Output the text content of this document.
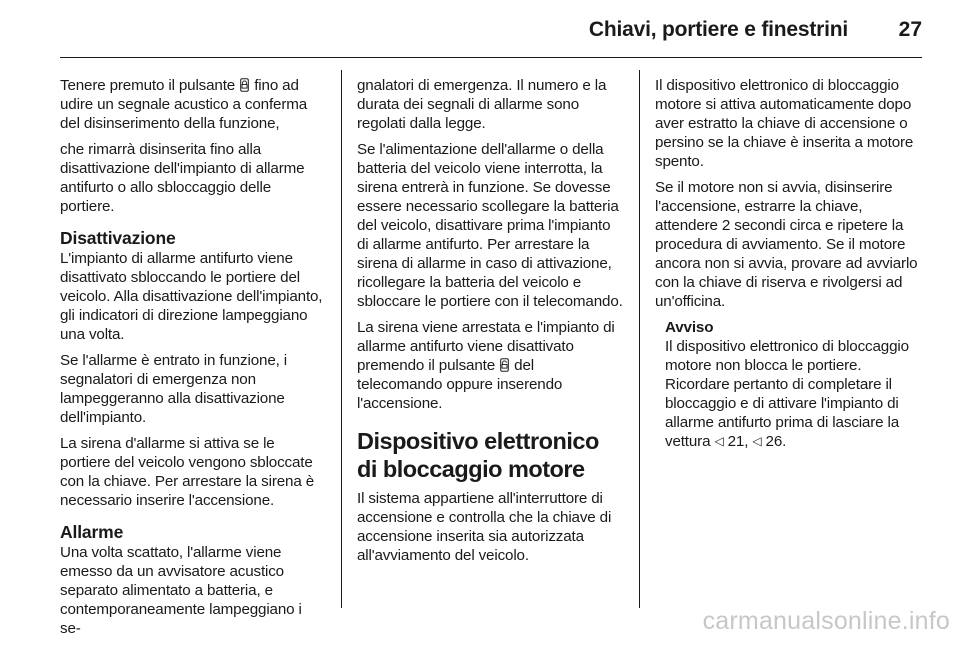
Chiavi, portiere e finestrini 27

Tenere premuto il pulsante  fino ad udire un segnale acustico a conferma del disinserimento della funzione,

che rimarrà disinserita fino alla disattivazione dell'impianto di allarme antifurto o allo sbloccaggio delle portiere.

Disattivazione

L'impianto di allarme antifurto viene disattivato sbloccando le portiere del veicolo. Alla disattivazione dell'impianto, gli indicatori di direzione lampeggiano una volta.

Se l'allarme è entrato in funzione, i segnalatori di emergenza non lampeggeranno alla disattivazione dell'impianto.

La sirena d'allarme si attiva se le portiere del veicolo vengono sbloccate con la chiave. Per arrestare la sirena è necessario inserire l'accensione.

Allarme

Una volta scattato, l'allarme viene emesso da un avvisatore acustico separato alimentato a batteria, e contemporaneamente lampeggiano i se-

gnalatori di emergenza. Il numero e la durata dei segnali di allarme sono regolati dalla legge.

Se l'alimentazione dell'allarme o della batteria del veicolo viene interrotta, la sirena entrerà in funzione. Se dovesse essere necessario scollegare la batteria del veicolo, disattivare prima l'impianto di allarme antifurto. Per arrestare la sirena di allarme in caso di attivazione, ricollegare la batteria del veicolo e sbloccare le portiere con il telecomando.

La sirena viene arrestata e l'impianto di allarme antifurto viene disattivato premendo il pulsante  del telecomando oppure inserendo l'accensione.

Dispositivo elettronico di bloccaggio motore

Il sistema appartiene all'interruttore di accensione e controlla che la chiave di accensione inserita sia autorizzata all'avviamento del veicolo.

Il dispositivo elettronico di bloccaggio motore si attiva automaticamente dopo aver estratto la chiave di accensione o persino se la chiave è inserita a motore spento.

Se il motore non si avvia, disinserire l'accensione, estrarre la chiave, attendere 2 secondi circa e ripetere la procedura di avviamento. Se il motore ancora non si avvia, provare ad avviarlo con la chiave di riserva e rivolgersi ad un'officina.

Avviso

Il dispositivo elettronico di bloccaggio motore non blocca le portiere. Ricordare pertanto di completare il bloccaggio e di attivare l'impianto di allarme antifurto prima di lasciare la vettura ◁ 21, ◁ 26.

carmanualsonline.info
